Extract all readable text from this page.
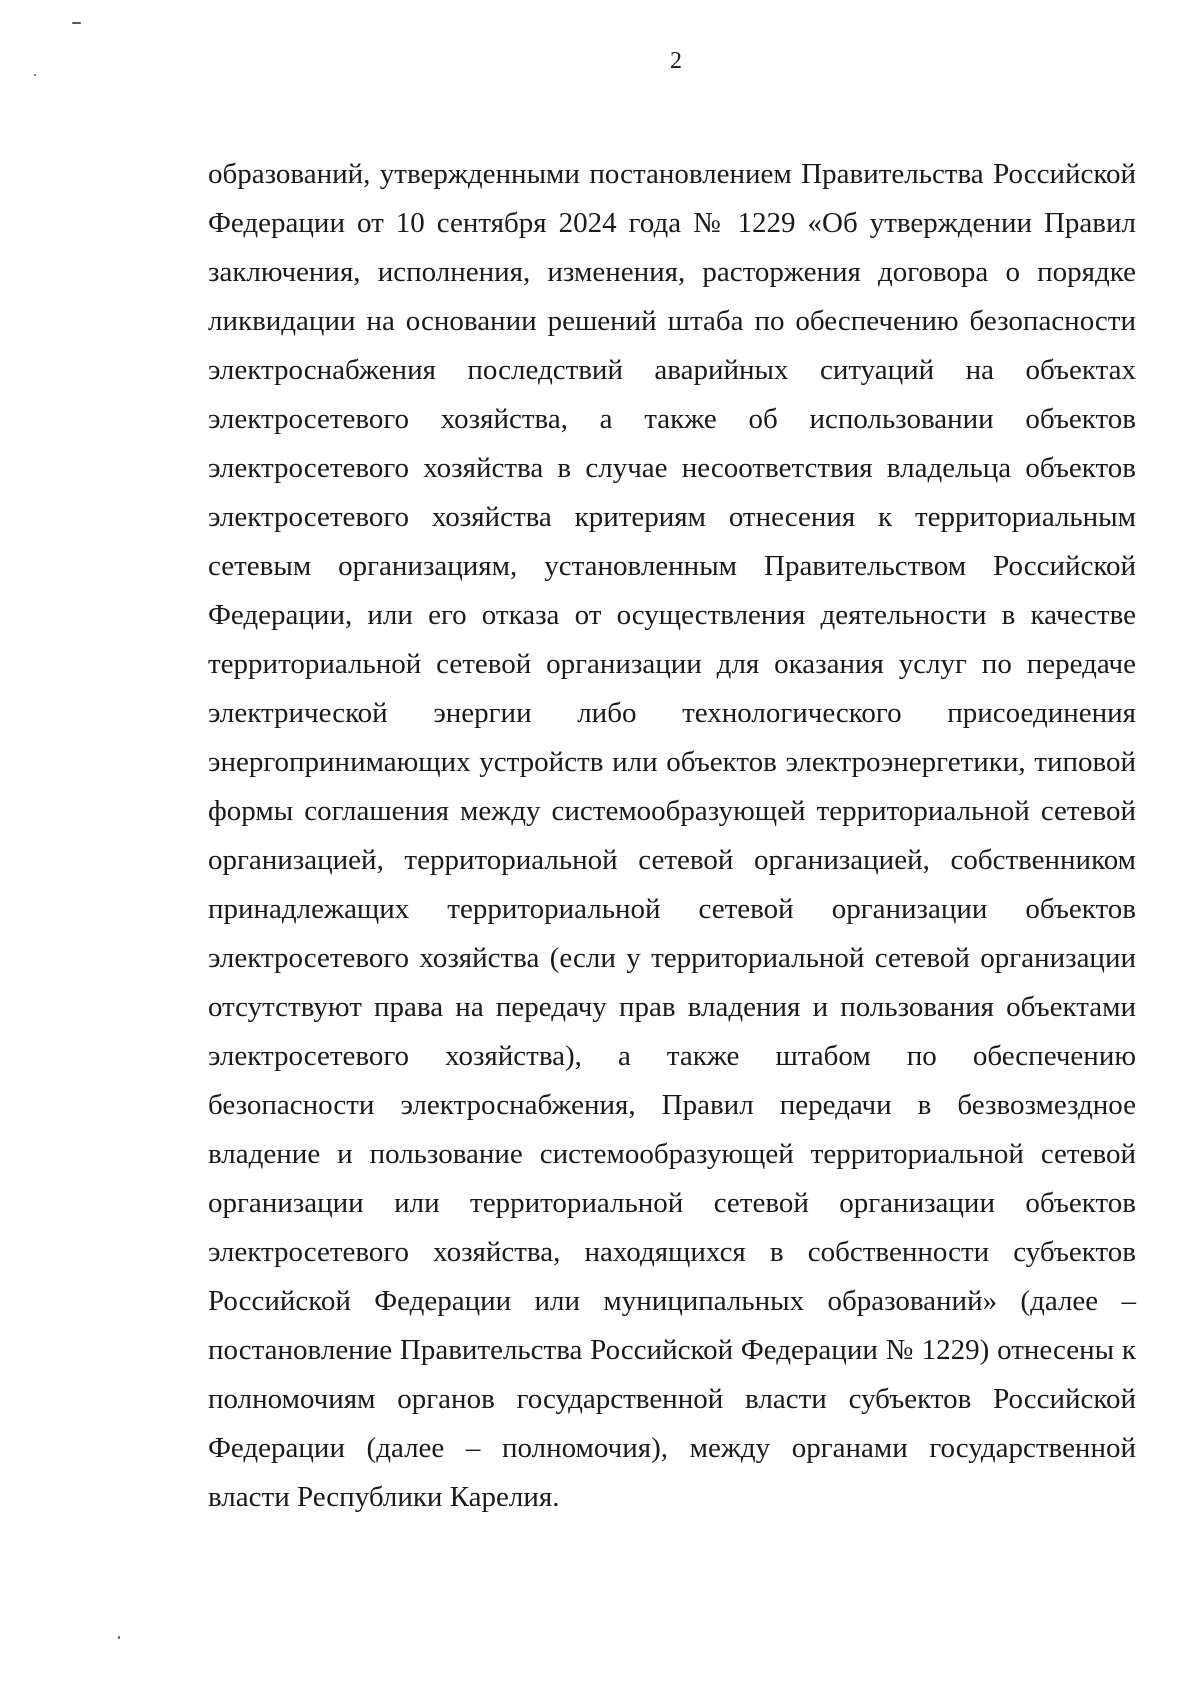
2

образований, утвержденными постановлением Правительства Российской Федерации от 10 сентября 2024 года № 1229 «Об утверждении Правил заключения, исполнения, изменения, расторжения договора о порядке ликвидации на основании решений штаба по обеспечению безопасности электроснабжения последствий аварийных ситуаций на объектах электросетевого хозяйства, а также об использовании объектов электросетевого хозяйства в случае несоответствия владельца объектов электросетевого хозяйства критериям отнесения к территориальным сетевым организациям, установленным Правительством Российской Федерации, или его отказа от осуществления деятельности в качестве территориальной сетевой организации для оказания услуг по передаче электрической энергии либо технологического присоединения энергопринимающих устройств или объектов электроэнергетики, типовой формы соглашения между системообразующей территориальной сетевой организацией, территориальной сетевой организацией, собственником принадлежащих территориальной сетевой организации объектов электросетевого хозяйства (если у территориальной сетевой организации отсутствуют права на передачу прав владения и пользования объектами электросетевого хозяйства), а также штабом по обеспечению безопасности электроснабжения, Правил передачи в безвозмездное владение и пользование системообразующей территориальной сетевой организации или территориальной сетевой организации объектов электросетевого хозяйства, находящихся в собственности субъектов Российской Федерации или муниципальных образований» (далее – постановление Правительства Российской Федерации № 1229) отнесены к полномочиям органов государственной власти субъектов Российской Федерации (далее – полномочия), между органами государственной власти Республики Карелия.
